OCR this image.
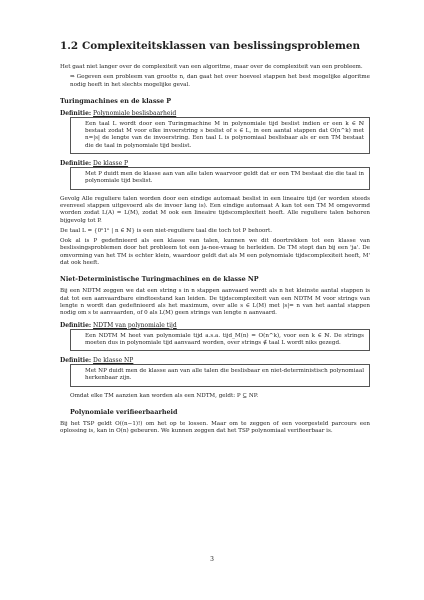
1.2 Complexiteitsklassen van beslissingsproblemen

Het gaat niet langer over de complexiteit van een algoritme, maar over de complexiteit van een probleem.

⇒ Gegeven een probleem van grootte n, dan gaat het over hoeveel stappen het best mogelijke algoritme nodig heeft in het slechts mogelijke geval.

Turingmachines en de klasse P
Definitie: Polynomiale beslisbaarheid

Een taal L wordt door een Turingmachine M in polynomiale tijd beslist indien er een k ∈ ℕ bestaat zodat M voor elke invoerstring s beslist of s ∈ L, in een aantal stappen dat O(n^k) met n=|s| de lengte van de invoerstring. Een taal L is polynomiaal beslisbaar als er een TM bestaat die de taal in polynomiale tijd beslist.

Definitie: De klasse P

Met P duidt men de klasse aan van alle talen waarvoor geldt dat er een TM bestaat die die taal in polynomiale tijd beslist.

Gevolg Alle reguliere talen worden door een eindige automaat beslist in een lineaire tijd (er worden steeds evenveel stappen uitgevoerd als de invoer lang is). Een eindige automaat A kan tot een TM M omgevormd worden zodat L(A) = L(M), zodat M ook een lineaire tijdscomplexiteit heeft. Alle reguliere talen behoren bijgevolg tot P.

De taal L = {0ⁿ1ⁿ | n ∈ ℕ} is een niet-reguliere taal die toch tot P behoort.

Ook al is P gedefinieerd als een klasse van talen, kunnen we dit doortrekken tot een klasse van beslissingsproblemen door het probleem tot een ja-nee-vraag te herleiden. De TM stopt dan bij een 'ja'. De omvorming van het TM is echter klein, waardoor geldt dat als M een polynomiale tijdscomplexiteit heeft, M' dat ook heeft.

Niet-Deterministische Turingmachines en de klasse NP

Bij een NDTM zeggen we dat een string s in n stappen aanvaard wordt als n het kleinste aantal stappen is dat tot een aanvaardbare eindtoestand kan leiden. De tijdscomplexiteit van een NDTM M voor strings van lengte n wordt dan gedefinieerd als het maximum, over alle s ∈ L(M) met |s|= n van het aantal stappen nodig om s te aanvaarden, of 0 als L(M) geen strings van lengte n aanvaard.

Definitie: NDTM van polynomiale tijd

Een NDTM M heet van polynomiale tijd a.s.a. tijd_M(n) = O(n^k), voor een k ∈ ℕ. De strings moeten dus in polynomiale tijd aanvaard worden, over strings ∉ taal L wordt niks gezegd.

Definitie: De klasse NP

Met NP duidt men de klasse aan van alle talen die beslisbaar en niet-deterministisch polynomiaal herkenbaar zijn.

Omdat elke TM aanzien kan worden als een NDTM, geldt: P ⊆ NP.

Polynomiale verifieerbaarheid

Bij het TSP geldt O((n−1)!) om het op te lossen. Maar om te zeggen of een voorgesteld parcours een oplossing is, kan in O(n) gebeuren. We kunnen zeggen dat het TSP polynomiaal verifieerbaar is.

3
